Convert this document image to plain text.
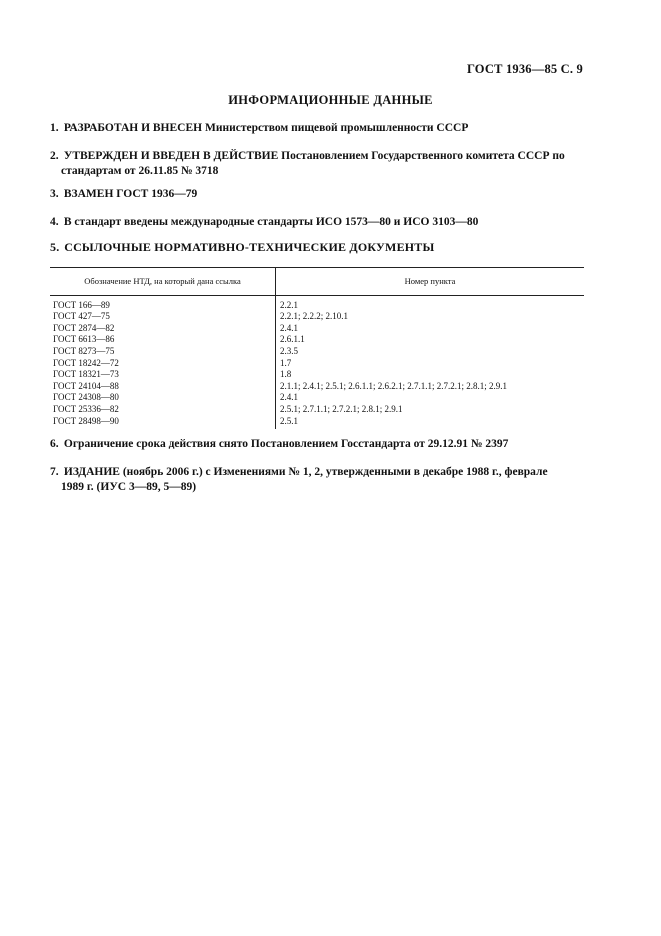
ГОСТ 1936—85 С. 9
ИНФОРМАЦИОННЫЕ ДАННЫЕ
1. РАЗРАБОТАН И ВНЕСЕН Министерством пищевой промышленности СССР
2. УТВЕРЖДЕН И ВВЕДЕН В ДЕЙСТВИЕ Постановлением Государственного комитета СССР по
стандартам от 26.11.85 № 3718
3. ВЗАМЕН ГОСТ 1936—79
4. В стандарт введены международные стандарты ИСО 1573—80 и ИСО 3103—80
5. ССЫЛОЧНЫЕ НОРМАТИВНО-ТЕХНИЧЕСКИЕ ДОКУМЕНТЫ
Обозначение НТД, на который дана ссылка	Номер пункта
ГОСТ 166—89	2.2.1
ГОСТ 427—75	2.2.1; 2.2.2; 2.10.1
ГОСТ 2874—82	2.4.1
ГОСТ 6613—86	2.6.1.1
ГОСТ 8273—75	2.3.5
ГОСТ 18242—72	1.7
ГОСТ 18321—73	1.8
ГОСТ 24104—88	2.1.1; 2.4.1; 2.5.1; 2.6.1.1; 2.6.2.1; 2.7.1.1; 2.7.2.1; 2.8.1; 2.9.1
ГОСТ 24308—80	2.4.1
ГОСТ 25336—82	2.5.1; 2.7.1.1; 2.7.2.1; 2.8.1; 2.9.1
ГОСТ 28498—90	2.5.1
6. Ограничение срока действия снято Постановлением Госстандарта от 29.12.91 № 2397
7. ИЗДАНИЕ (ноябрь 2006 г.) с Изменениями № 1, 2, утвержденными в декабре 1988 г., феврале
1989 г. (ИУС 3—89, 5—89)
